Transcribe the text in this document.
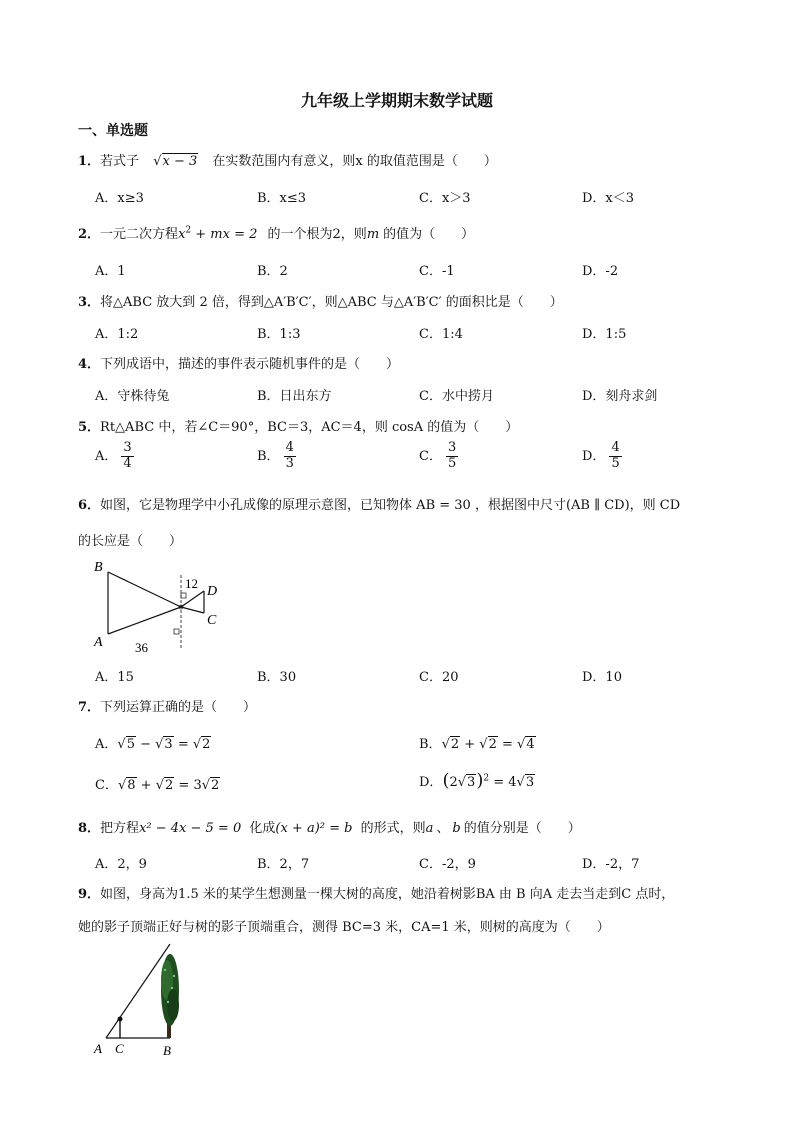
九年级上学期期末数学试题
一、单选题
1．若式子 √x − 3 在实数范围内有意义，则x 的取值范围是（　　）
A．x≥3	B．x≤3	C．x＞3	D．x＜3
2．一元二次方程$x^2$ + mx = 2 的一个根为2，则m 的值为（　　）
A．1	B．2	C．-1	D．-2
3．将△ABC 放大到 2 倍，得到△A′B′C′，则△ABC 与△A′B′C′ 的面积比是（　　）
A．1:2	B．1:3	C．1:4	D．1:5
4．下列成语中，描述的事件表示随机事件的是（　　）
A．守株待兔	B．日出东方	C．水中捞月	D．刻舟求剑
5．Rt△ABC 中，若∠C＝90°，BC＝3，AC＝4，则 cosA 的值为（　　）
A． $\frac{3}{4}$	B． $\frac{4}{3}$	C． $\frac{3}{5}$	D． $\frac{4}{5}$
6．如图，它是物理学中小孔成像的原理示意图，已知物体 AB = 30 ，根据图中尺寸(AB ∥ CD)，则 CD
的长应是（　　）
B
A
D
C
12
36
A．15	B．30	C．20	D．10
7．下列运算正确的是（　　）
A．√5 − √3 = √2	B．√2 + √2 = √4
C．√8 + √2 = 3√2	D．$(2√3)^2 = 4√3$
8．把方程x² − 4x − 5 = 0 化成(x + a)² = b 的形式，则a 、 b 的值分别是（　　）
A．2，9	B．2，7	C．-2，9	D．-2，7
9．如图，身高为1.5 米的某学生想测量一棵大树的高度，她沿着树影BA 由 B 向A 走去当走到C 点时，
她的影子顶端正好与树的影子顶端重合，测得 BC=3 米，CA=1 米，则树的高度为（　　）
A C	B
